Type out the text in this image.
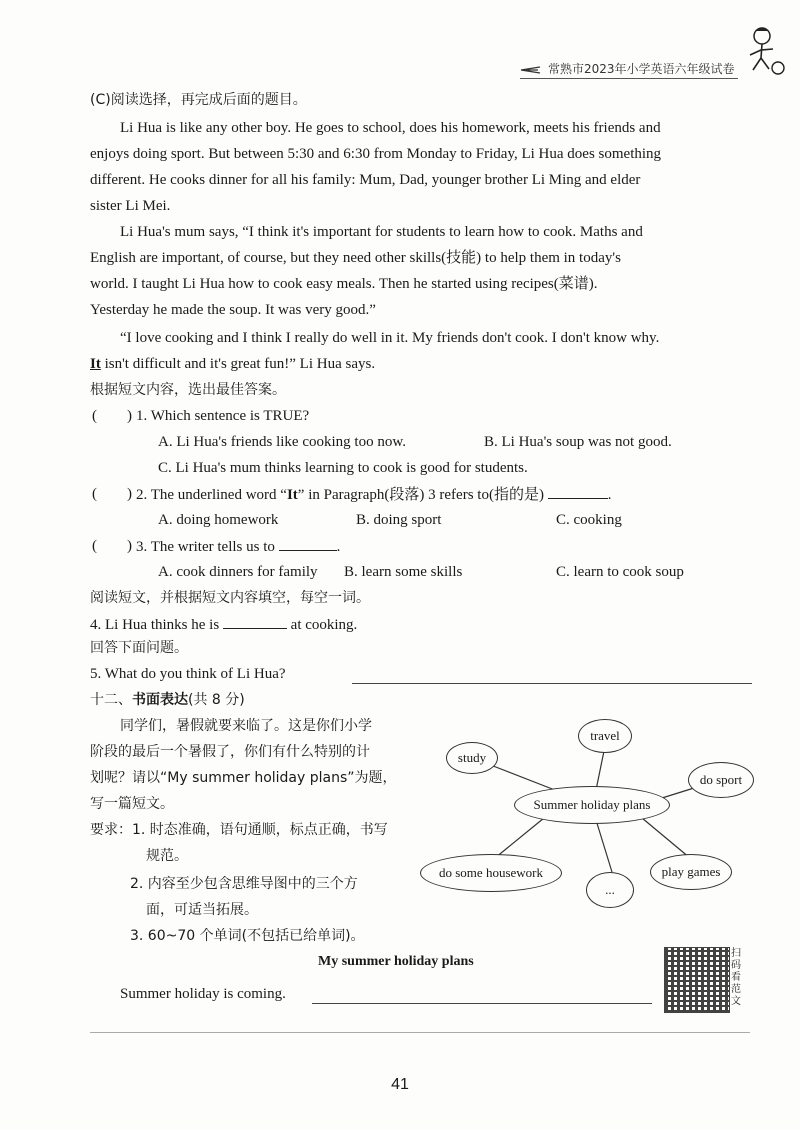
常熟市2023年小学英语六年级试卷
(C)阅读选择，再完成后面的题目。
Li Hua is like any other boy. He goes to school, does his homework, meets his friends and
enjoys doing sport. But between 5:30 and 6:30 from Monday to Friday, Li Hua does something
different. He cooks dinner for all his family: Mum, Dad, younger brother Li Ming and elder
sister Li Mei.
Li Hua's mum says, “I think it's important for students to learn how to cook. Maths and
English are important, of course, but they need other skills(技能) to help them in today's
world. I taught Li Hua how to cook easy meals. Then he started using recipes(菜谱).
Yesterday he made the soup. It was very good.”
“I love cooking and I think I really do well in it. My friends don't cook. I don't know why.
It isn't difficult and it's great fun!” Li Hua says.
根据短文内容，选出最佳答案。
(　　) 1. Which sentence is TRUE?
A. Li Hua's friends like cooking too now.	B. Li Hua's soup was not good.
C. Li Hua's mum thinks learning to cook is good for students.
(　　) 2. The underlined word “It” in Paragraph(段落) 3 refers to(指的是)	.
A. doing homework	B. doing sport	C. cooking
(　　) 3. The writer tells us to	.
A. cook dinners for family B. learn some skills	C. learn to cook soup
阅读短文，并根据短文内容填空，每空一词。
4. Li Hua thinks he is	at cooking.
回答下面问题。
5. What do you think of Li Hua?
十二、书面表达(共 8 分)
同学们，暑假就要来临了。这是你们小学
阶段的最后一个暑假了，你们有什么特别的计
划呢？请以“My summer holiday plans”为题，
写一篇短文。
要求：1. 时态准确，语句通顺，标点正确，书写
规范。
2. 内容至少包含思维导图中的三个方
面，可适当拓展。
3. 60~70 个单词(不包括已给单词)。
Summer holiday plans
travel
study
do sport
do some housework
...
play games
My summer holiday plans
Summer holiday is coming.
扫码看范文
41
